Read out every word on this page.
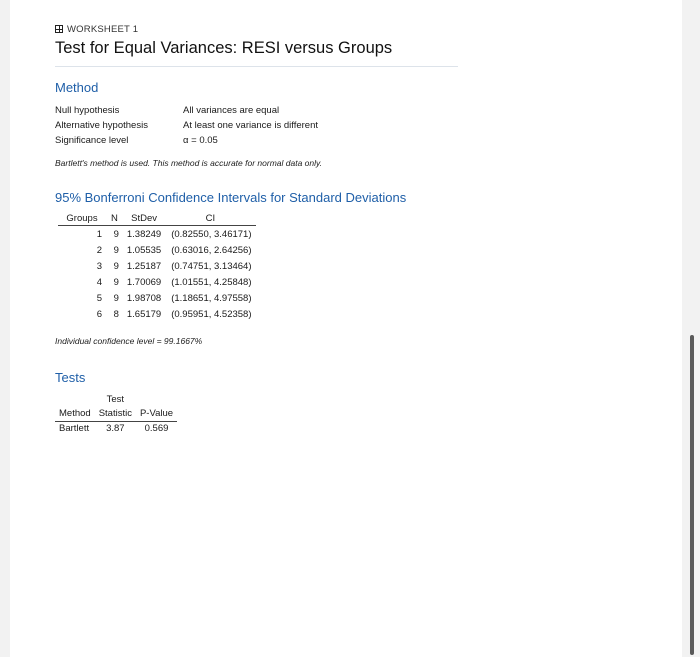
WORKSHEET 1
Test for Equal Variances: RESI versus Groups
Method
Null hypothesis	All variances are equal
Alternative hypothesis	At least one variance is different
Significance level	α = 0.05
Bartlett's method is used. This method is accurate for normal data only.
95% Bonferroni Confidence Intervals for Standard Deviations
Groups	N	StDev	CI
1	9	1.38249	(0.82550, 3.46171)
2	9	1.05535	(0.63016, 2.64256)
3	9	1.25187	(0.74751, 3.13464)
4	9	1.70069	(1.01551, 4.25848)
5	9	1.98708	(1.18651, 4.97558)
6	8	1.65179	(0.95951, 4.52358)
Individual confidence level = 99.1667%
Tests
	Test	
Method	Statistic	P-Value
Bartlett	3.87	0.569
